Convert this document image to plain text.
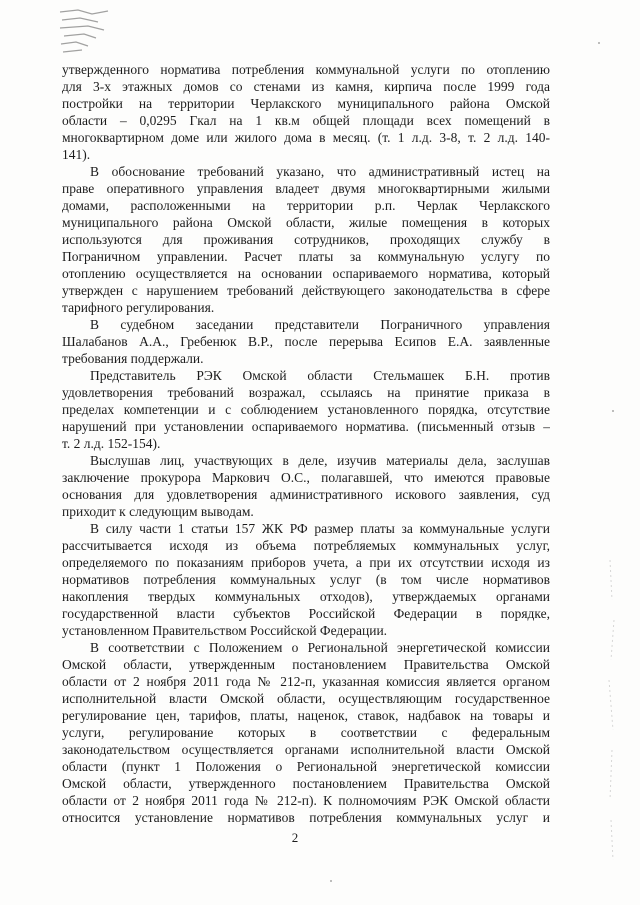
утвержденного норматива потребления коммунальной услуги по отоплению
для 3-х этажных домов со стенами из камня, кирпича после 1999 года
постройки на территории Черлакского муниципального района Омской
области – 0,0295 Гкал на 1 кв.м общей площади всех помещений в
многоквартирном доме или жилого дома в месяц. (т. 1 л.д. 3-8, т. 2 л.д. 140-
141).
В обоснование требований указано, что административный истец на
праве оперативного управления владеет двумя многоквартирными жилыми
домами, расположенными на территории р.п. Черлак Черлакского
муниципального района Омской области, жилые помещения в которых
используются для проживания сотрудников, проходящих службу в
Пограничном управлении. Расчет платы за коммунальную услугу по
отоплению осуществляется на основании оспариваемого норматива, который
утвержден с нарушением требований действующего законодательства в сфере
тарифного регулирования.
В судебном заседании представители Пограничного управления
Шалабанов А.А., Гребенюк В.Р., после перерыва Есипов Е.А. заявленные
требования поддержали.
Представитель РЭК Омской области Стельмашек Б.Н. против
удовлетворения требований возражал, ссылаясь на принятие приказа в
пределах компетенции и с соблюдением установленного порядка, отсутствие
нарушений при установлении оспариваемого норматива. (письменный отзыв –
т. 2 л.д. 152-154).
Выслушав лиц, участвующих в деле, изучив материалы дела, заслушав
заключение прокурора Маркович О.С., полагавшей, что имеются правовые
основания для удовлетворения административного искового заявления, суд
приходит к следующим выводам.
В силу части 1 статьи 157 ЖК РФ размер платы за коммунальные услуги
рассчитывается исходя из объема потребляемых коммунальных услуг,
определяемого по показаниям приборов учета, а при их отсутствии исходя из
нормативов потребления коммунальных услуг (в том числе нормативов
накопления твердых коммунальных отходов), утверждаемых органами
государственной власти субъектов Российской Федерации в порядке,
установленном Правительством Российской Федерации.
В соответствии с Положением о Региональной энергетической комиссии
Омской области, утвержденным постановлением Правительства Омской
области от 2 ноября 2011 года № 212-п, указанная комиссия является органом
исполнительной власти Омской области, осуществляющим государственное
регулирование цен, тарифов, платы, наценок, ставок, надбавок на товары и
услуги, регулирование которых в соответствии с федеральным
законодательством осуществляется органами исполнительной власти Омской
области (пункт 1 Положения о Региональной энергетической комиссии
Омской области, утвержденного постановлением Правительства Омской
области от 2 ноября 2011 года № 212-п). К полномочиям РЭК Омской области
относится установление нормативов потребления коммунальных услуг и
2
